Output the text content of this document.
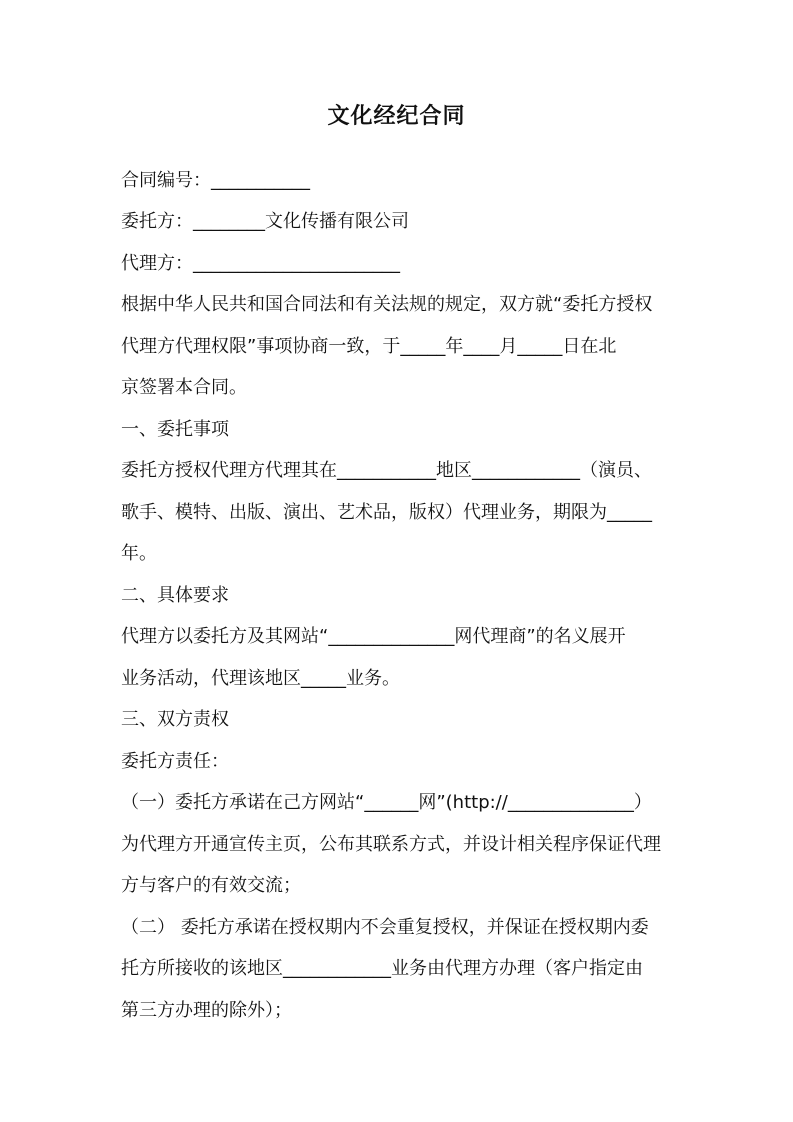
文化经纪合同
合同编号：___________
委托方：________文化传播有限公司
代理方：_______________________
根据中华人民共和国合同法和有关法规的规定，双方就“委托方授权
代理方代理权限”事项协商一致，于_____年____月_____日在北
京签署本合同。
一、委托事项
委托方授权代理方代理其在___________地区____________（演员、
歌手、模特、出版、演出、艺术品，版权）代理业务，期限为_____
年。
二、具体要求
代理方以委托方及其网站“______________网代理商”的名义展开
业务活动，代理该地区_____业务。
三、双方责权
委托方责任：
（一）委托方承诺在己方网站“______网”(http://______________）
为代理方开通宣传主页，公布其联系方式，并设计相关程序保证代理
方与客户的有效交流；
（二） 委托方承诺在授权期内不会重复授权，并保证在授权期内委
托方所接收的该地区____________业务由代理方办理（客户指定由
第三方办理的除外）；
